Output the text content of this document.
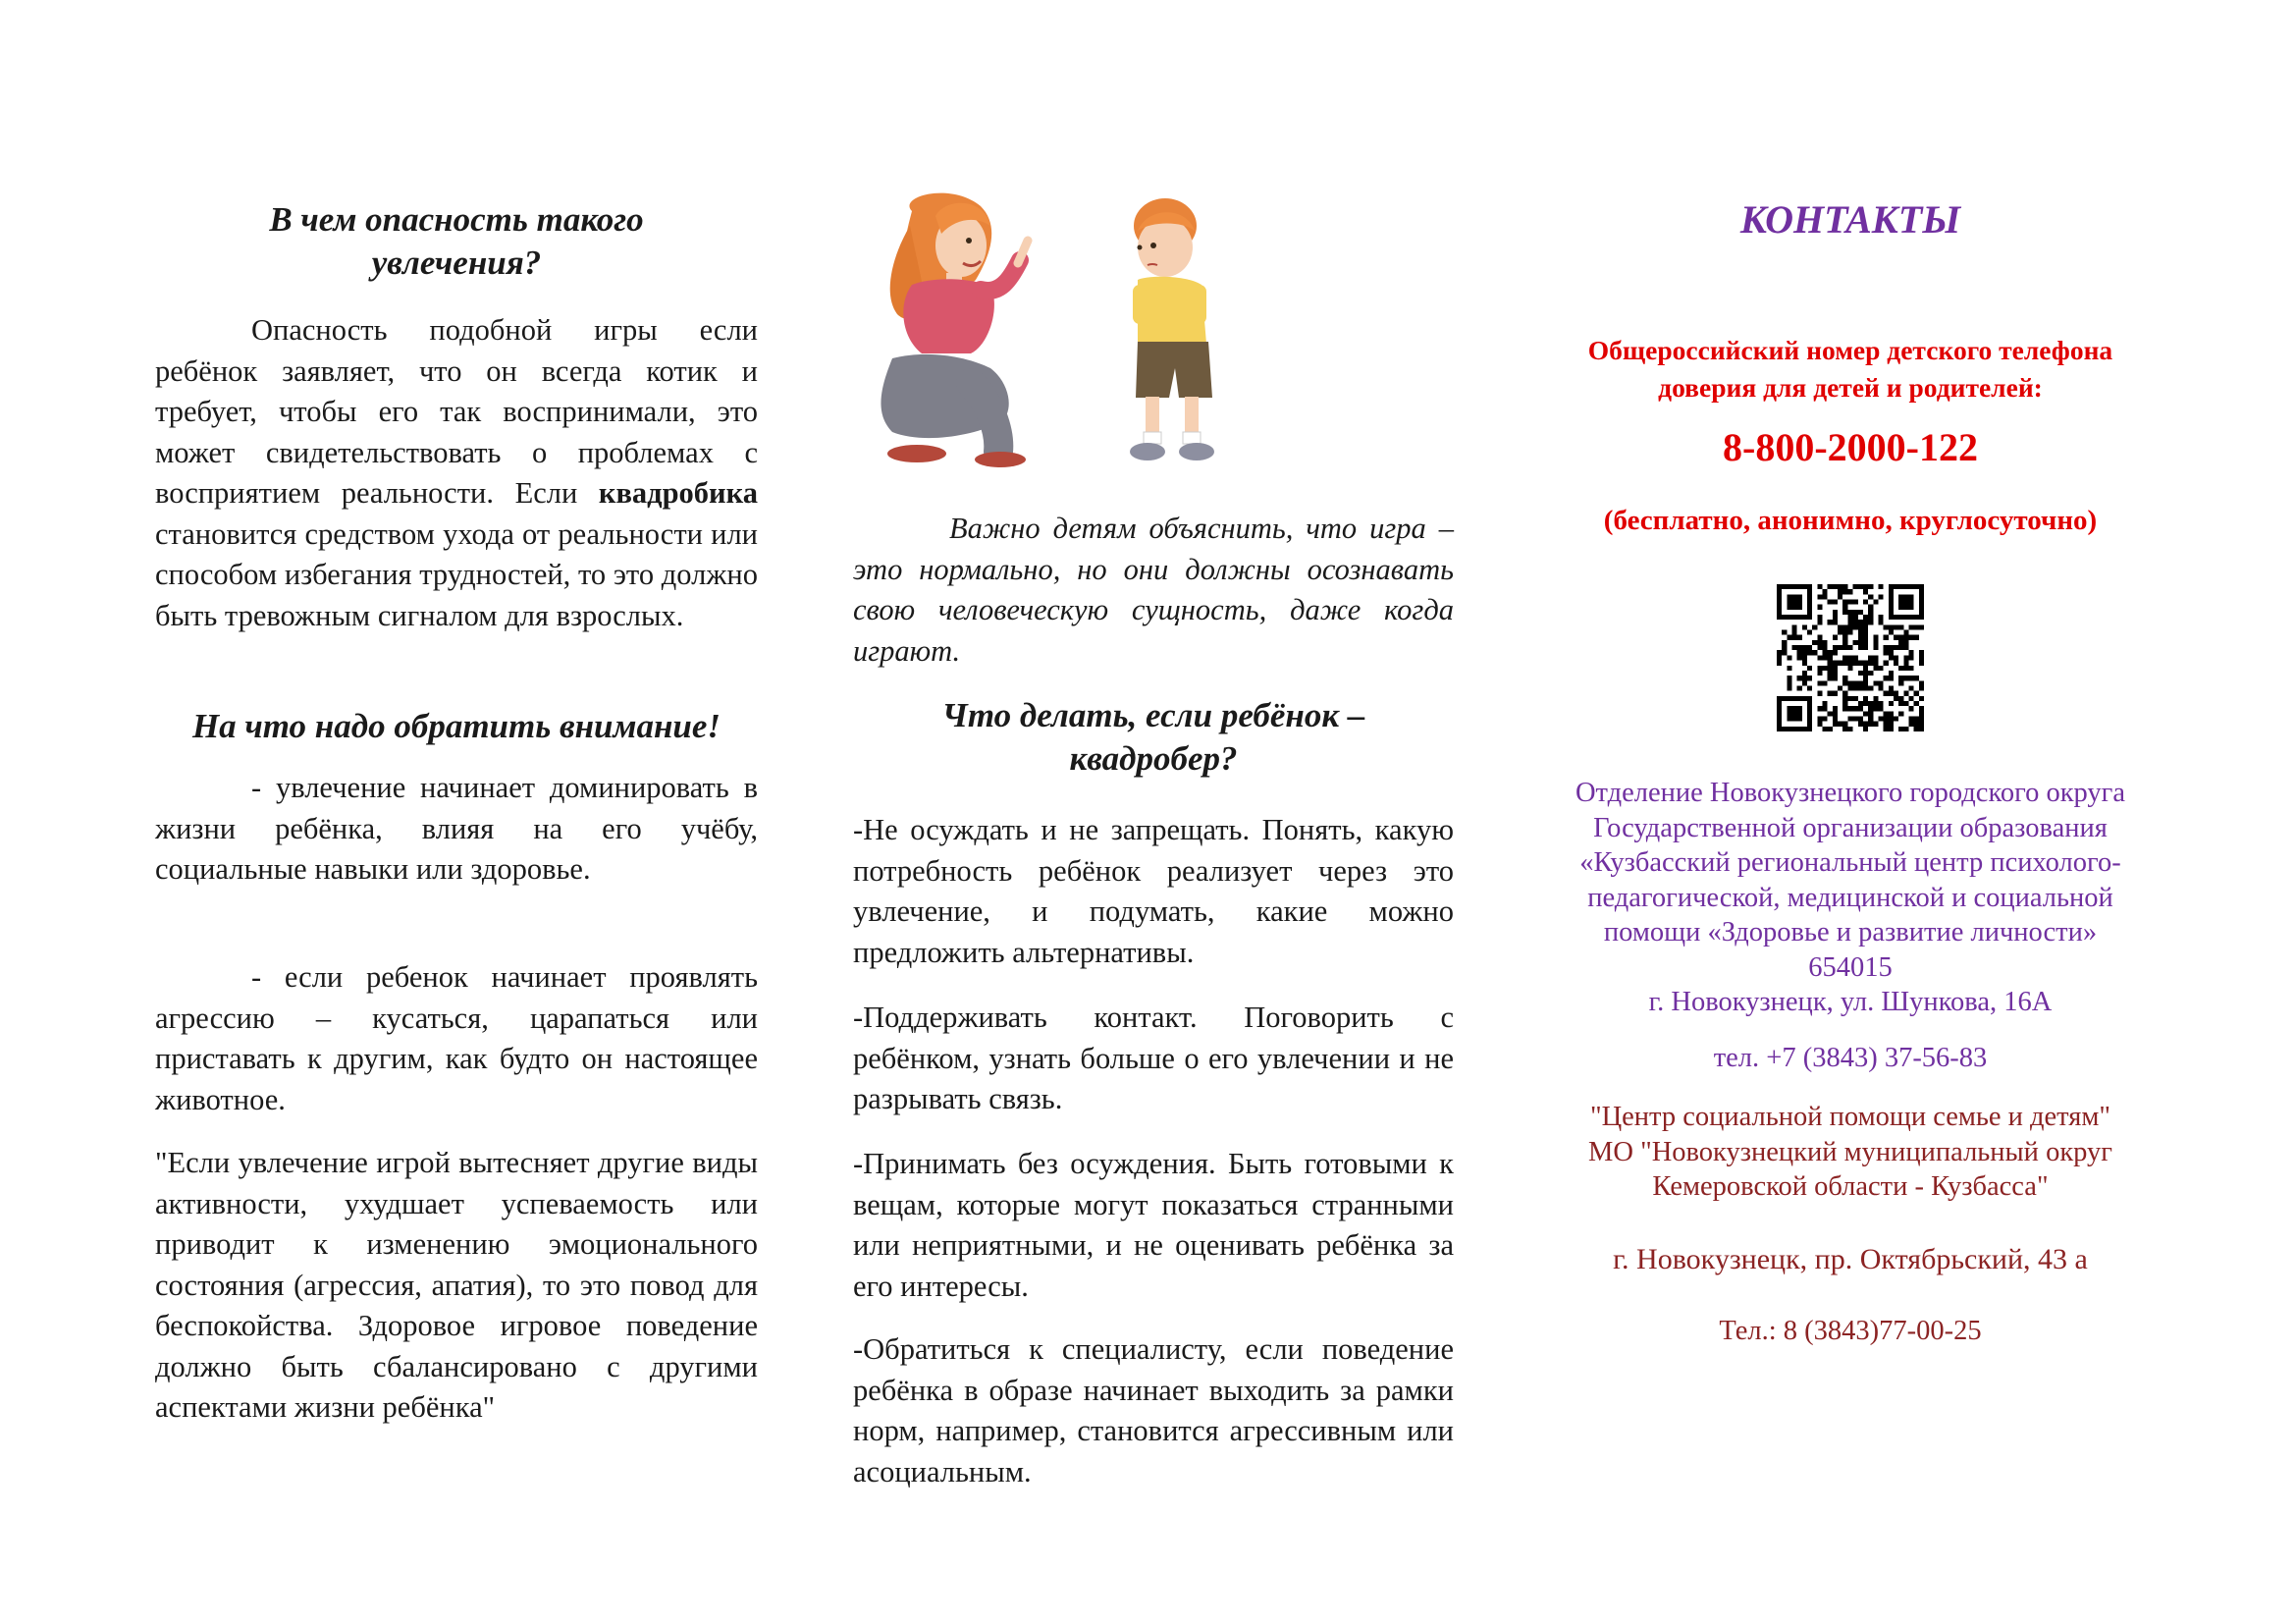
В чем опасность такого
увлечения?

Опасность подобной игры если ребёнок заявляет, что он всегда котик и требует, чтобы его так воспринимали, это может свидетельствовать о проблемах с восприятием реальности. Если квадробика становится средством ухода от реальности или способом избегания трудностей, то это должно быть тревожным сигналом для взрослых.

На что надо обратить внимание!

- увлечение начинает доминировать в жизни ребёнка, влияя на его учёбу, социальные навыки или здоровье.

- если ребенок начинает проявлять агрессию – кусаться, царапаться или приставать к другим, как будто он настоящее животное.

"Если увлечение игрой вытесняет другие виды активности, ухудшает успеваемость или приводит к изменению эмоционального состояния (агрессия, апатия), то это повод для беспокойства. Здоровое игровое поведение должно быть сбалансировано с другими аспектами жизни ребёнка"

Важно детям объяснить, что игра – это нормально, но они должны осознавать свою человеческую сущность, даже когда играют.

Что делать, если ребёнок –
квадробер?

-Не осуждать и не запрещать. Понять, какую потребность ребёнок реализует через это увлечение, и подумать, какие можно предложить альтернативы.

-Поддерживать контакт. Поговорить с ребёнком, узнать больше о его увлечении и не разрывать связь.

-Принимать без осуждения. Быть готовыми к вещам, которые могут показаться странными или неприятными, и не оценивать ребёнка за его интересы.

-Обратиться к специалисту, если поведение ребёнка в образе начинает выходить за рамки норм, например, становится агрессивным или асоциальным.

КОНТАКТЫ

Общероссийский номер детского телефона
доверия для детей и родителей:

8-800-2000-122

(бесплатно, анонимно, круглосуточно)

Отделение Новокузнецкого городского округа
Государственной организации образования
«Кузбасский региональный центр психолого-
педагогической, медицинской и социальной
помощи «Здоровье и развитие личности»
654015
г. Новокузнецк, ул. Шункова, 16А

тел. +7 (3843) 37-56-83

"Центр социальной помощи семье и детям"
МО "Новокузнецкий муниципальный округ
Кемеровской области - Кузбасса"

г. Новокузнецк, пр. Октябрьский, 43 а

Тел.: 8 (3843)77-00-25
